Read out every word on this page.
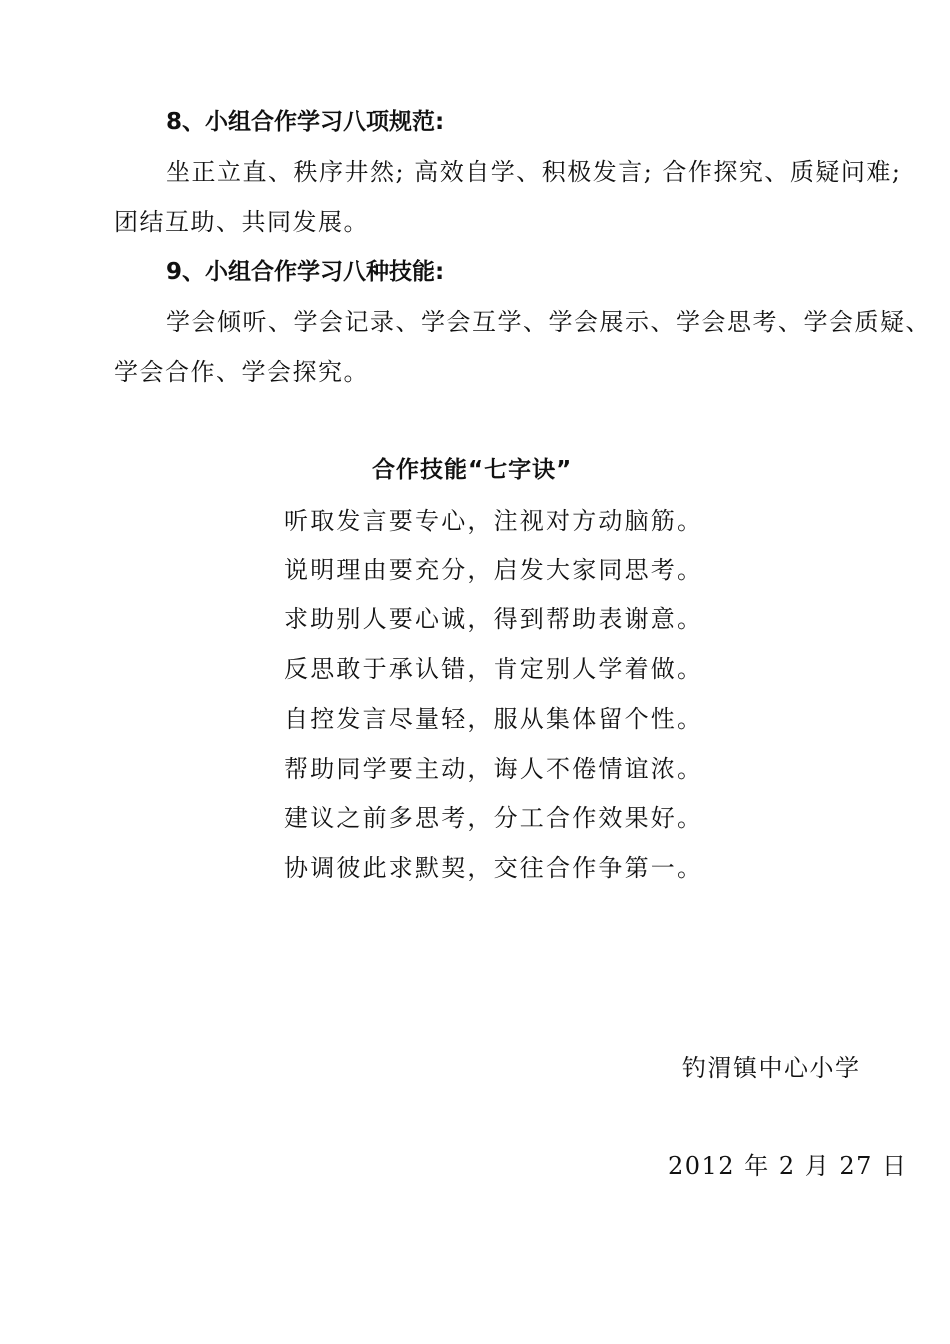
8、小组合作学习八项规范:
坐正立直、秩序井然; 高效自学、积极发言; 合作探究、质疑问难;
团结互助、共同发展。
9、小组合作学习八种技能:
学会倾听、学会记录、学会互学、学会展示、学会思考、学会质疑、
学会合作、学会探究。
合作技能“七字诀”
听取发言要专心，注视对方动脑筋。
说明理由要充分，启发大家同思考。
求助别人要心诚，得到帮助表谢意。
反思敢于承认错，肯定别人学着做。
自控发言尽量轻，服从集体留个性。
帮助同学要主动，诲人不倦情谊浓。
建议之前多思考，分工合作效果好。
协调彼此求默契，交往合作争第一。
钓渭镇中心小学
2012 年 2 月 27 日
